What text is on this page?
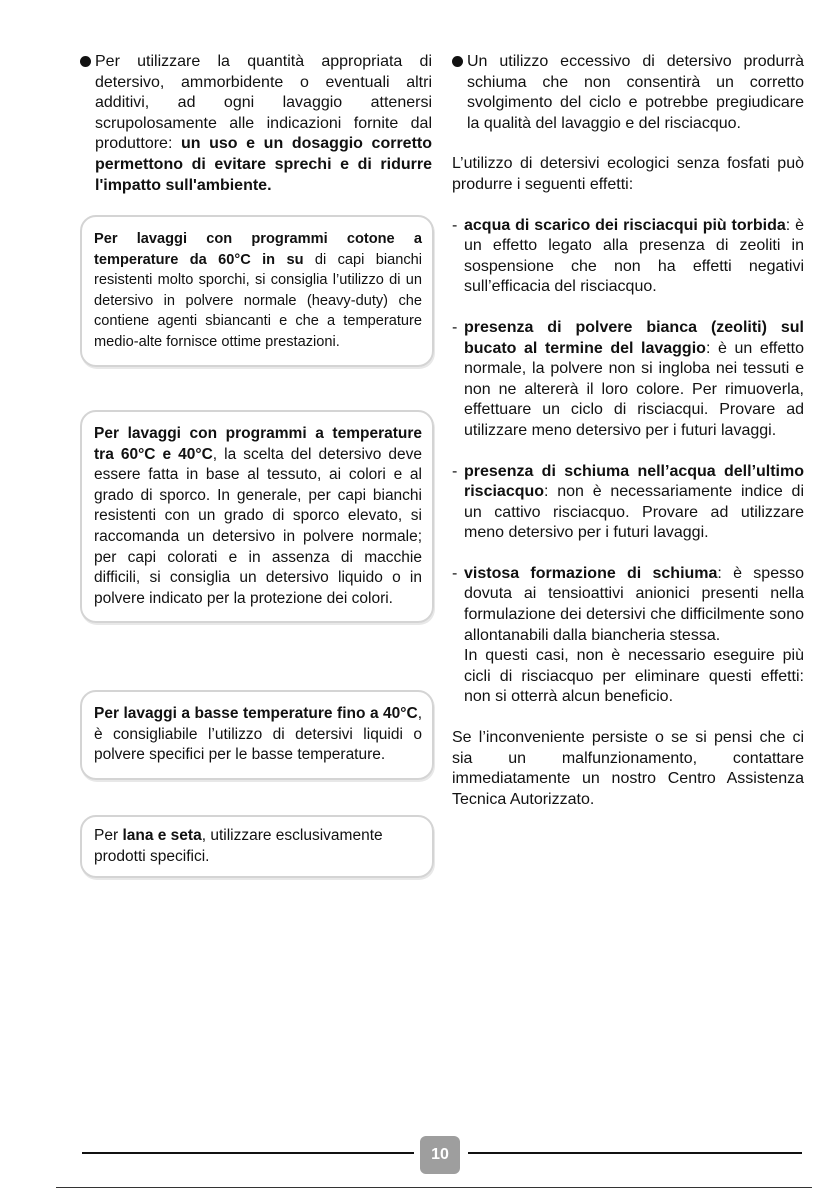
Per utilizzare la quantità appropriata di detersivo, ammorbidente o eventuali altri additivi, ad ogni lavaggio attenersi scrupolosamente alle indicazioni fornite dal produttore: un uso e un dosaggio corretto permettono di evitare sprechi e di ridurre l'impatto sull'ambiente.

Per lavaggi con programmi cotone a temperature da 60°C in su di capi bianchi resistenti molto sporchi, si consiglia l’utilizzo di un detersivo in polvere normale (heavy-duty) che contiene agenti sbiancanti e che a temperature medio-alte fornisce ottime prestazioni.

Per lavaggi con programmi a temperature tra 60°C e 40°C, la scelta del detersivo deve essere fatta in base al tessuto, ai colori e al grado di sporco. In generale, per capi bianchi resistenti con un grado di sporco elevato, si raccomanda un detersivo in polvere normale; per capi colorati e in assenza di macchie difficili, si consiglia un detersivo liquido o in polvere indicato per la protezione dei colori.

Per lavaggi a basse temperature fino a 40°C, è consigliabile l’utilizzo di detersivi liquidi o polvere specifici per le basse temperature.

Per lana e seta, utilizzare esclusivamente prodotti specifici.

Un utilizzo eccessivo di detersivo produrrà schiuma che non consentirà un corretto svolgimento del ciclo e potrebbe pregiudicare la qualità del lavaggio e del risciacquo.

L’utilizzo di detersivi ecologici senza fosfati può produrre i seguenti effetti:

- acqua di scarico dei risciacqui più torbida: è un effetto legato alla presenza di zeoliti in sospensione che non ha effetti negativi sull’efficacia del risciacquo.

- presenza di polvere bianca (zeoliti) sul bucato al termine del lavaggio: è un effetto normale, la polvere non si ingloba nei tessuti e non ne altererà il loro colore. Per rimuoverla, effettuare un ciclo di risciacqui. Provare ad utilizzare meno detersivo per i futuri lavaggi.

- presenza di schiuma nell’acqua dell’ultimo risciacquo: non è necessariamente indice di un cattivo risciacquo. Provare ad utilizzare meno detersivo per i futuri lavaggi.

- vistosa formazione di schiuma: è spesso dovuta ai tensioattivi anionici presenti nella formulazione dei detersivi che difficilmente sono allontanabili dalla biancheria stessa.

In questi casi, non è necessario eseguire più cicli di risciacquo per eliminare questi effetti: non si otterrà alcun beneficio.

Se l’inconveniente persiste o se si pensi che ci sia un malfunzionamento, contattare immediatamente un nostro Centro Assistenza Tecnica Autorizzato.

10
